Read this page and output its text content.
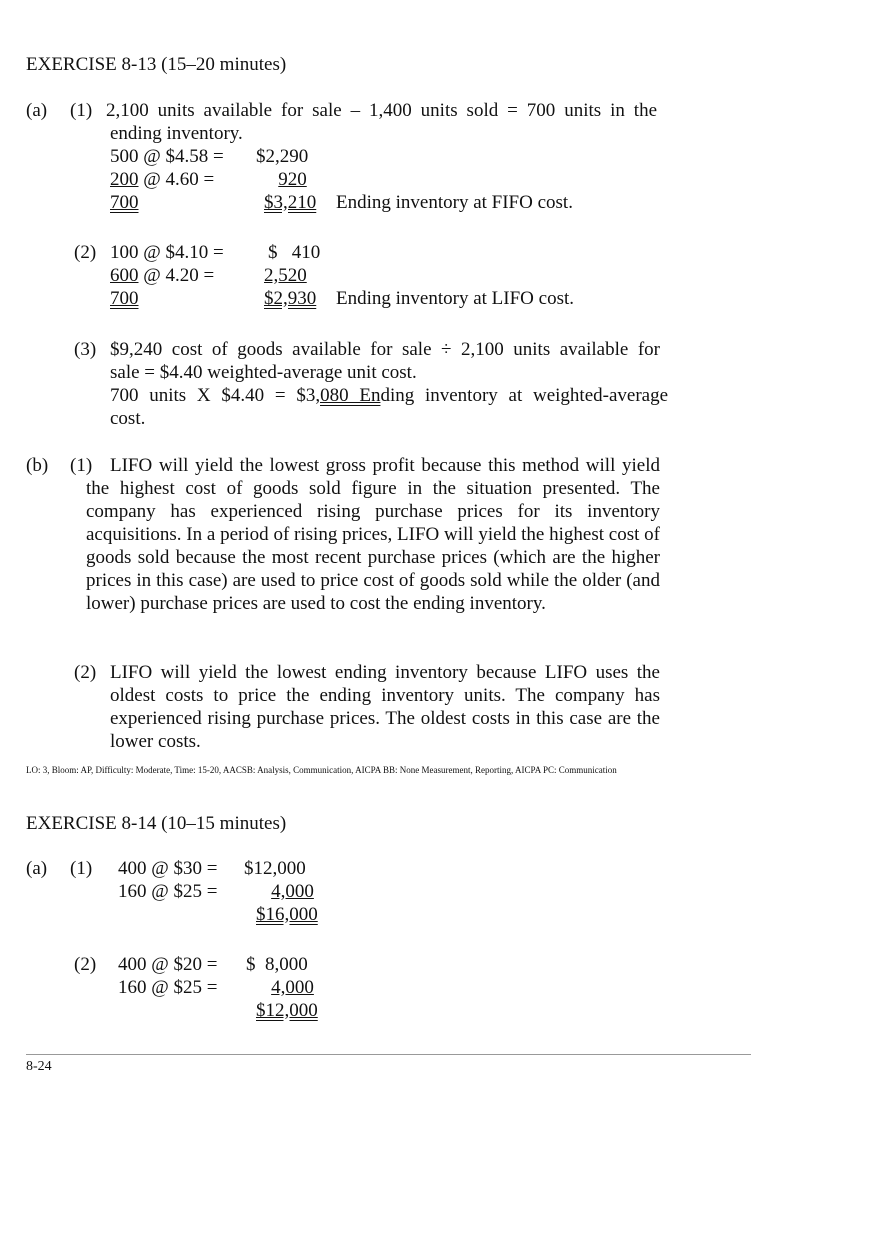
EXERCISE 8-13 (15–20 minutes)
(a) (1) 2,100 units available for sale – 1,400 units sold = 700 units in the
ending inventory.
500 @ $4.58 = $2,290
200 @ 4.60 =	920
700	$3,210	Ending inventory at FIFO cost.
(2) 100 @ $4.10 = $   410
600 @ 4.20 =	2,520
700	$2,930	Ending inventory at LIFO cost.
(3) $9,240 cost of goods available for sale ÷ 2,100 units available for
sale = $4.40 weighted-average unit cost.
700 units X $4.40 = $3,080 Ending inventory at weighted-average
cost.
(b) (1) LIFO will yield the lowest gross profit because this method will yield the highest cost of goods sold figure in the situation presented. The company has experienced rising purchase prices for its inventory acquisitions. In a period of rising prices, LIFO will yield the highest cost of goods sold because the most recent purchase prices (which are the higher prices in this case) are used to price cost of goods sold while the older (and lower) purchase prices are used to cost the ending inventory.
(2) LIFO will yield the lowest ending inventory because LIFO uses the oldest costs to price the ending inventory units. The company has experienced rising purchase prices. The oldest costs in this case are the lower costs.
LO: 3, Bloom: AP, Difficulty: Moderate, Time: 15-20, AACSB: Analysis, Communication, AICPA BB: None Measurement, Reporting, AICPA PC: Communication
EXERCISE 8-14 (10–15 minutes)
(a) (1) 400 @ $30 = $12,000
160 @ $25 =	4,000
$16,000
(2) 400 @ $20 = $  8,000
160 @ $25 =	4,000
$12,000
8-24
